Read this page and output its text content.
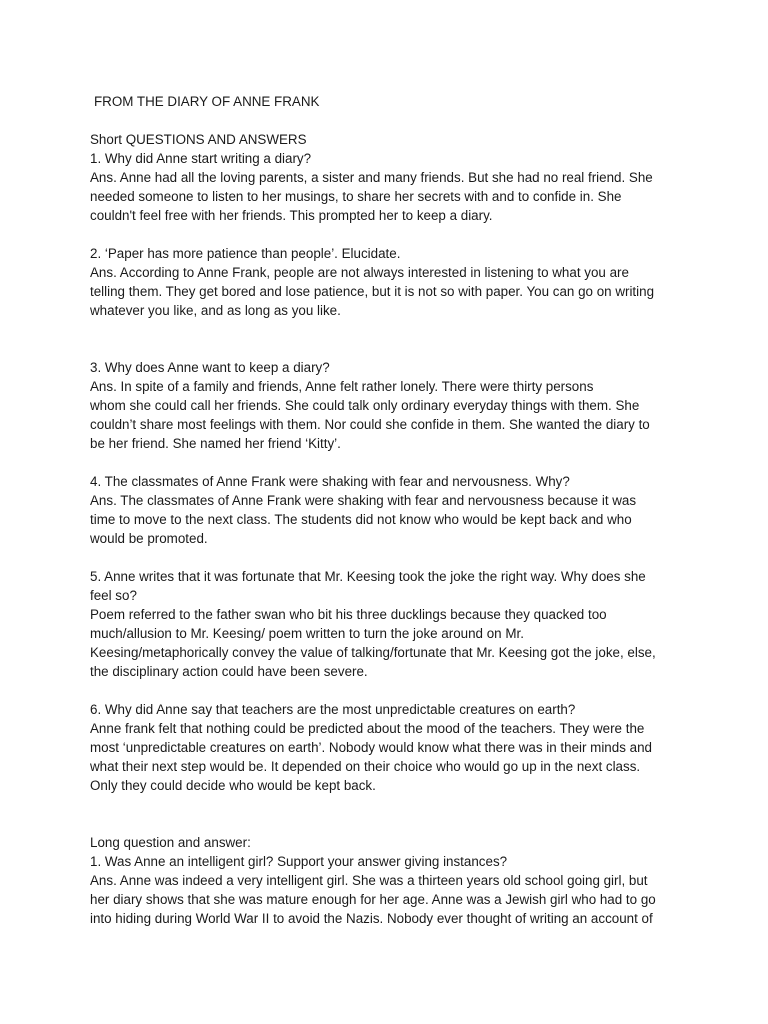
FROM THE DIARY OF ANNE FRANK
Short QUESTIONS AND ANSWERS
1. Why did Anne start writing a diary?
Ans. Anne had all the loving parents, a sister and many friends. But she had no real friend. She
needed someone to listen to her musings, to share her secrets with and to confide in. She
couldn't feel free with her friends. This prompted her to keep a diary.
2. ‘Paper has more patience than people’. Elucidate.
Ans. According to Anne Frank, people are not always interested in listening to what you are
telling them. They get bored and lose patience, but it is not so with paper. You can go on writing
whatever you like, and as long as you like.
3. Why does Anne want to keep a diary?
Ans. In spite of a family and friends, Anne felt rather lonely. There were thirty persons
whom she could call her friends. She could talk only ordinary everyday things with them. She
couldn’t share most feelings with them. Nor could she confide in them. She wanted the diary to
be her friend. She named her friend ‘Kitty’.
4. The classmates of Anne Frank were shaking with fear and nervousness. Why?
Ans. The classmates of Anne Frank were shaking with fear and nervousness because it was
time to move to the next class. The students did not know who would be kept back and who
would be promoted.
5. Anne writes that it was fortunate that Mr. Keesing took the joke the right way. Why does she
feel so?
Poem referred to the father swan who bit his three ducklings because they quacked too
much/allusion to Mr. Keesing/ poem written to turn the joke around on Mr.
Keesing/metaphorically convey the value of talking/fortunate that Mr. Keesing got the joke, else,
the disciplinary action could have been severe.
6. Why did Anne say that teachers are the most unpredictable creatures on earth?
Anne frank felt that nothing could be predicted about the mood of the teachers. They were the
most ‘unpredictable creatures on earth’. Nobody would know what there was in their minds and
what their next step would be. It depended on their choice who would go up in the next class.
Only they could decide who would be kept back.
Long question and answer:
1. Was Anne an intelligent girl? Support your answer giving instances?
Ans. Anne was indeed a very intelligent girl. She was a thirteen years old school going girl, but
her diary shows that she was mature enough for her age. Anne was a Jewish girl who had to go
into hiding during World War II to avoid the Nazis. Nobody ever thought of writing an account of
